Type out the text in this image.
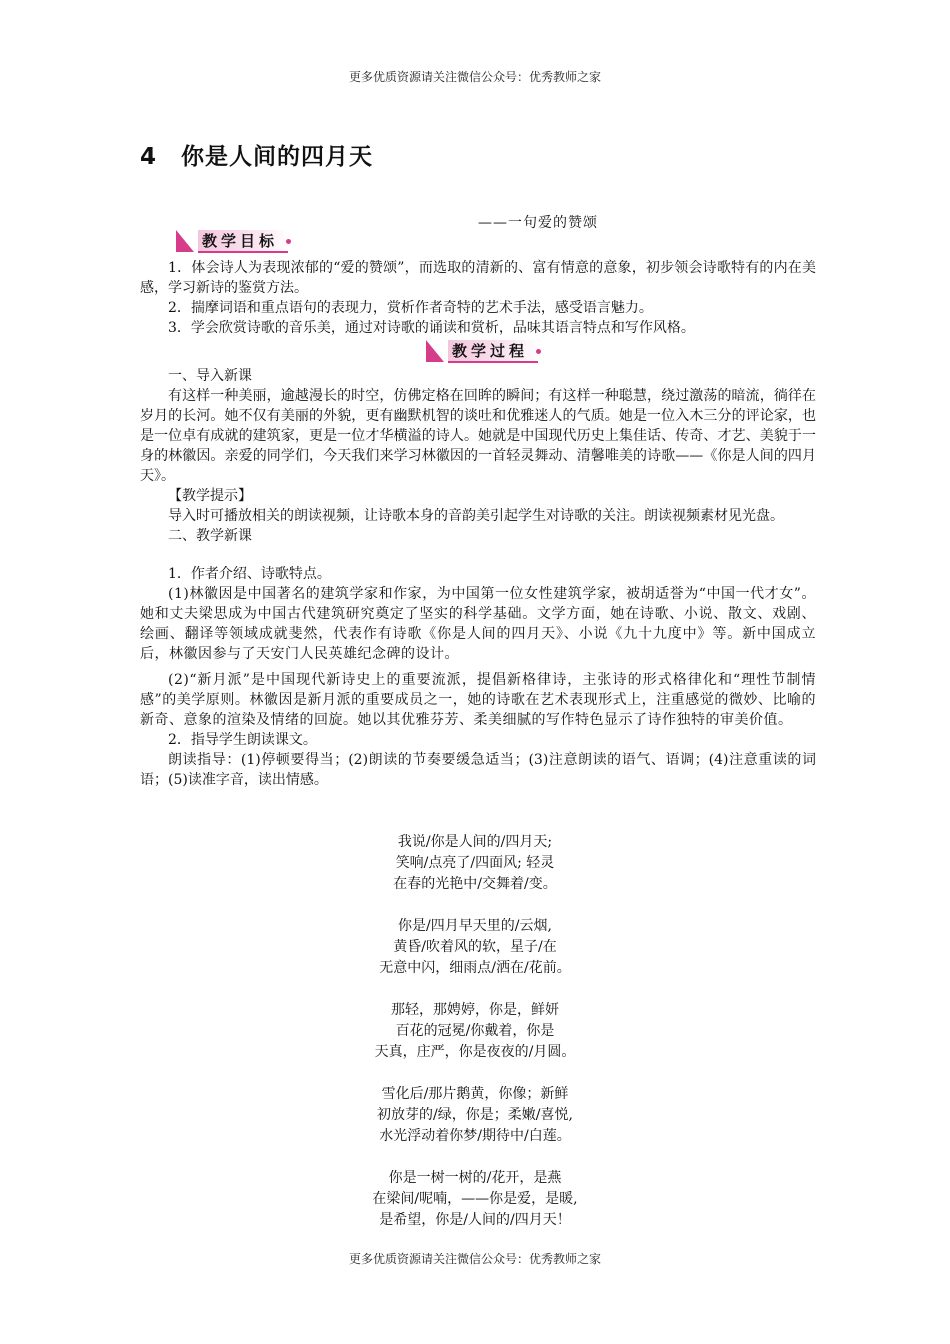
更多优质资源请关注微信公众号：优秀教师之家
4 你是人间的四月天
——一句爱的赞颂
教学目标

1．体会诗人为表现浓郁的“爱的赞颂”，而选取的清新的、富有情意的意象，初步领会诗歌特有的内在美感，学习新诗的鉴赏方法。

2．揣摩词语和重点语句的表现力，赏析作者奇特的艺术手法，感受语言魅力。

3．学会欣赏诗歌的音乐美，通过对诗歌的诵读和赏析，品味其语言特点和写作风格。

教学过程

一、导入新课

有这样一种美丽，逾越漫长的时空，仿佛定格在回眸的瞬间；有这样一种聪慧，绕过激荡的暗流，徜徉在岁月的长河。她不仅有美丽的外貌，更有幽默机智的谈吐和优雅迷人的气质。她是一位入木三分的评论家，也是一位卓有成就的建筑家，更是一位才华横溢的诗人。她就是中国现代历史上集佳话、传奇、才艺、美貌于一身的林徽因。亲爱的同学们，今天我们来学习林徽因的一首轻灵舞动、清馨唯美的诗歌——《你是人间的四月天》。

【教学提示】

导入时可播放相关的朗读视频，让诗歌本身的音韵美引起学生对诗歌的关注。朗读视频素材见光盘。

二、教学新课

1．作者介绍、诗歌特点。

(1)林徽因是中国著名的建筑学家和作家，为中国第一位女性建筑学家，被胡适誉为“中国一代才女”。她和丈夫梁思成为中国古代建筑研究奠定了坚实的科学基础。文学方面，她在诗歌、小说、散文、戏剧、绘画、翻译等领域成就斐然，代表作有诗歌《你是人间的四月天》、小说《九十九度中》等。新中国成立后，林徽因参与了天安门人民英雄纪念碑的设计。

(2)“新月派”是中国现代新诗史上的重要流派，提倡新格律诗，主张诗的形式格律化和“理性节制情感”的美学原则。林徽因是新月派的重要成员之一，她的诗歌在艺术表现形式上，注重感觉的微妙、比喻的新奇、意象的渲染及情绪的回旋。她以其优雅芬芳、柔美细腻的写作特色显示了诗作独特的审美价值。

2．指导学生朗读课文。

朗读指导：(1)停顿要得当；(2)朗读的节奏要缓急适当；(3)注意朗读的语气、语调；(4)注意重读的词语；(5)读准字音，读出情感。

我说/你是人间的/四月天;
笑响/点亮了/四面风; 轻灵
在春的光艳中/交舞着/变。
你是/四月早天里的/云烟,
黄昏/吹着风的软，星子/在
无意中闪，细雨点/洒在/花前。
那轻，那娉婷，你是，鲜妍
百花的冠冕/你戴着，你是
天真，庄严，你是夜夜的/月圆。
雪化后/那片鹅黄，你像；新鲜
初放芽的/绿，你是；柔嫩/喜悦,
水光浮动着你梦/期待中/白莲。
你是一树一树的/花开，是燕
在梁间/呢喃，——你是爱，是暖,
是希望，你是/人间的/四月天！
更多优质资源请关注微信公众号：优秀教师之家
